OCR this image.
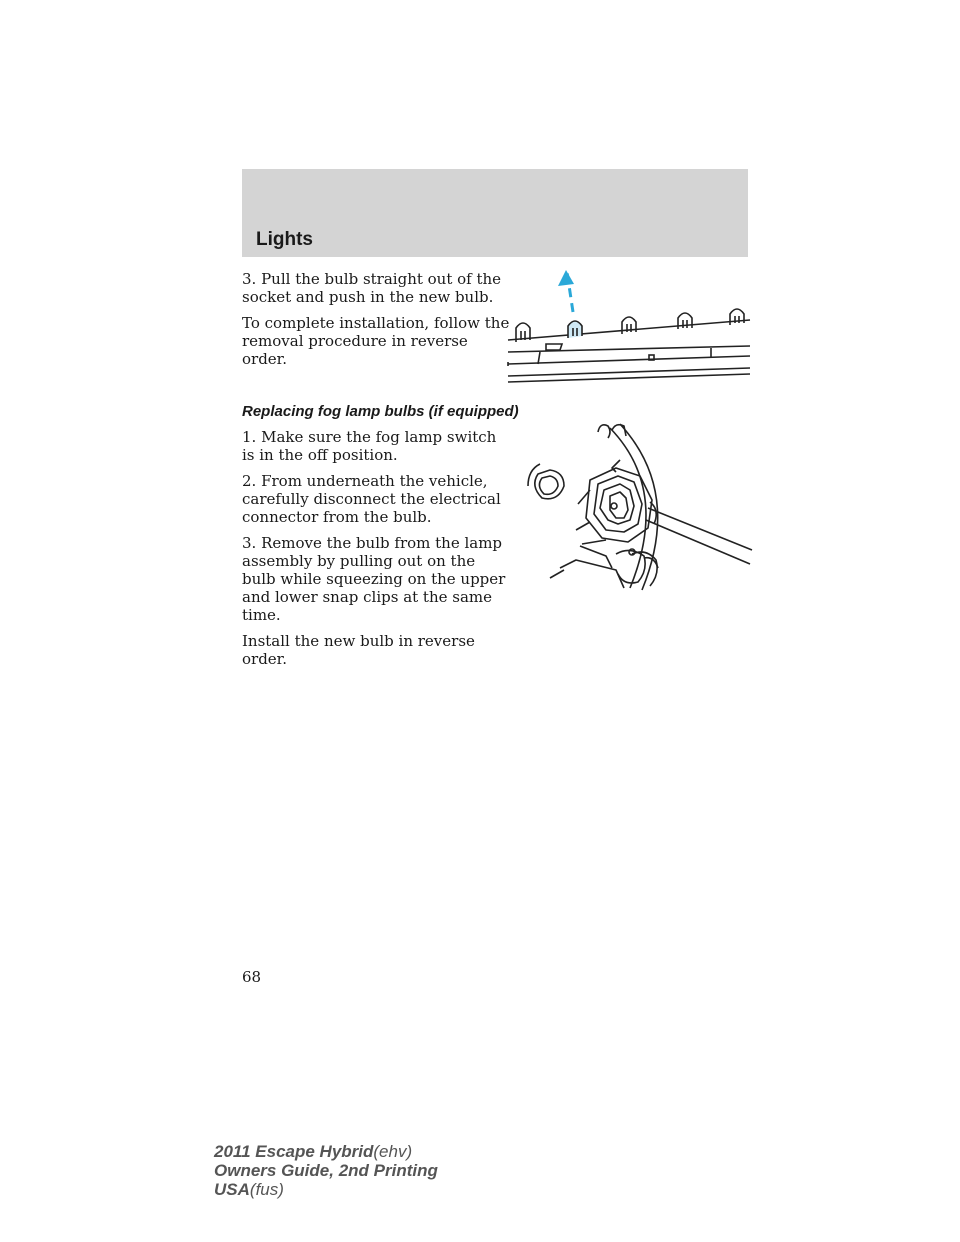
Lights

3. Pull the bulb straight out of the socket and push in the new bulb.

To complete installation, follow the removal procedure in reverse order.

Replacing fog lamp bulbs (if equipped)

1. Make sure the fog lamp switch is in the off position.

2. From underneath the vehicle, carefully disconnect the electrical connector from the bulb.

3. Remove the bulb from the lamp assembly by pulling out on the bulb while squeezing on the upper and lower snap clips at the same time.

Install the new bulb in reverse order.

68
2011 Escape Hybrid(ehv)
Owners Guide, 2nd Printing
USA(fus)
